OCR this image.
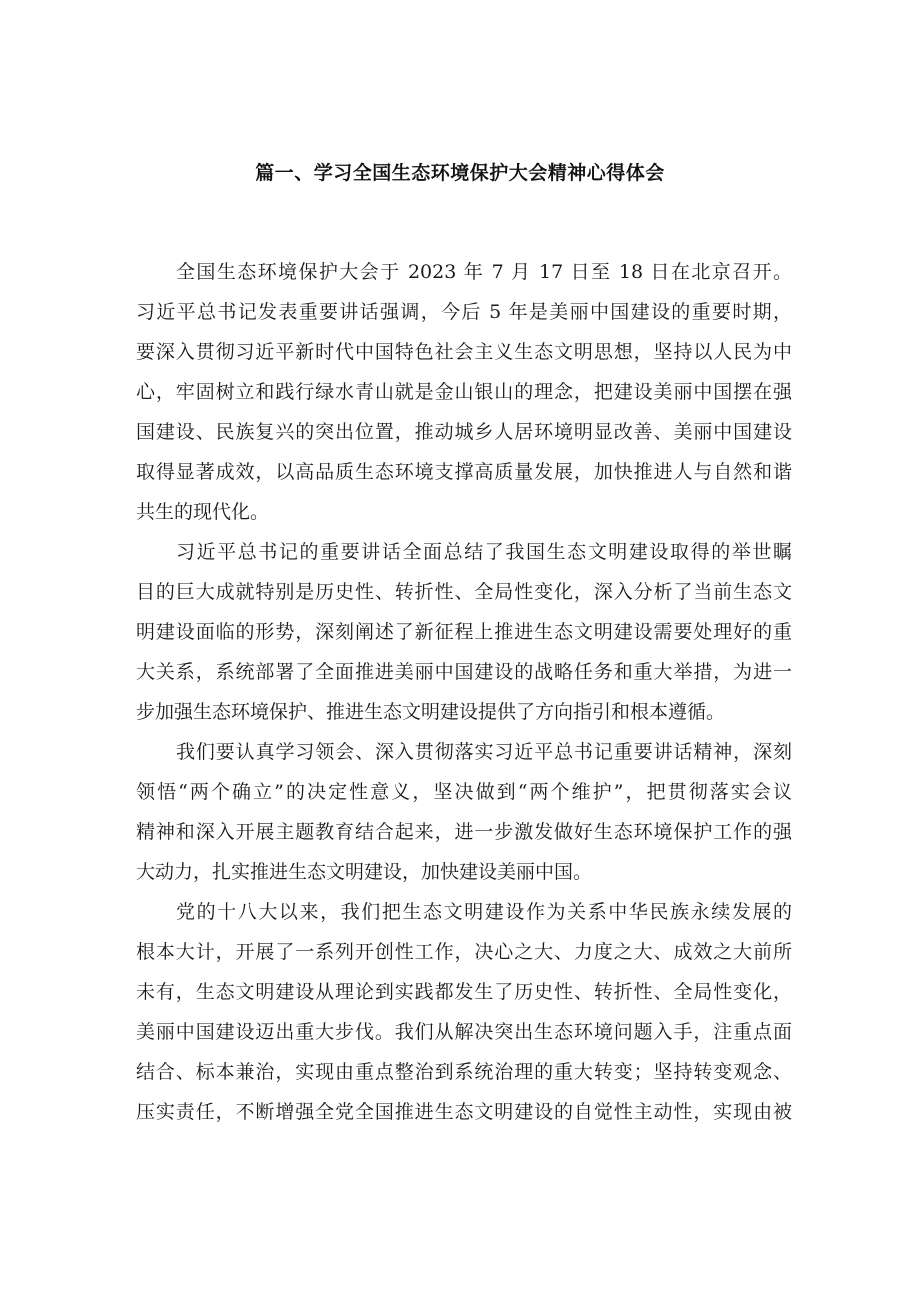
篇一、学习全国生态环境保护大会精神心得体会
全国生态环境保护大会于 2023 年 7 月 17 日至 18 日在北京召开。
习近平总书记发表重要讲话强调，今后 5 年是美丽中国建设的重要时期，
要深入贯彻习近平新时代中国特色社会主义生态文明思想，坚持以人民为中
心，牢固树立和践行绿水青山就是金山银山的理念，把建设美丽中国摆在强
国建设、民族复兴的突出位置，推动城乡人居环境明显改善、美丽中国建设
取得显著成效，以高品质生态环境支撑高质量发展，加快推进人与自然和谐
共生的现代化。
习近平总书记的重要讲话全面总结了我国生态文明建设取得的举世瞩
目的巨大成就特别是历史性、转折性、全局性变化，深入分析了当前生态文
明建设面临的形势，深刻阐述了新征程上推进生态文明建设需要处理好的重
大关系，系统部署了全面推进美丽中国建设的战略任务和重大举措，为进一
步加强生态环境保护、推进生态文明建设提供了方向指引和根本遵循。
我们要认真学习领会、深入贯彻落实习近平总书记重要讲话精神，深刻
领悟“两个确立”的决定性意义，坚决做到“两个维护”，把贯彻落实会议
精神和深入开展主题教育结合起来，进一步激发做好生态环境保护工作的强
大动力，扎实推进生态文明建设，加快建设美丽中国。
党的十八大以来，我们把生态文明建设作为关系中华民族永续发展的
根本大计，开展了一系列开创性工作，决心之大、力度之大、成效之大前所
未有，生态文明建设从理论到实践都发生了历史性、转折性、全局性变化，
美丽中国建设迈出重大步伐。我们从解决突出生态环境问题入手，注重点面
结合、标本兼治，实现由重点整治到系统治理的重大转变；坚持转变观念、
压实责任，不断增强全党全国推进生态文明建设的自觉性主动性，实现由被
